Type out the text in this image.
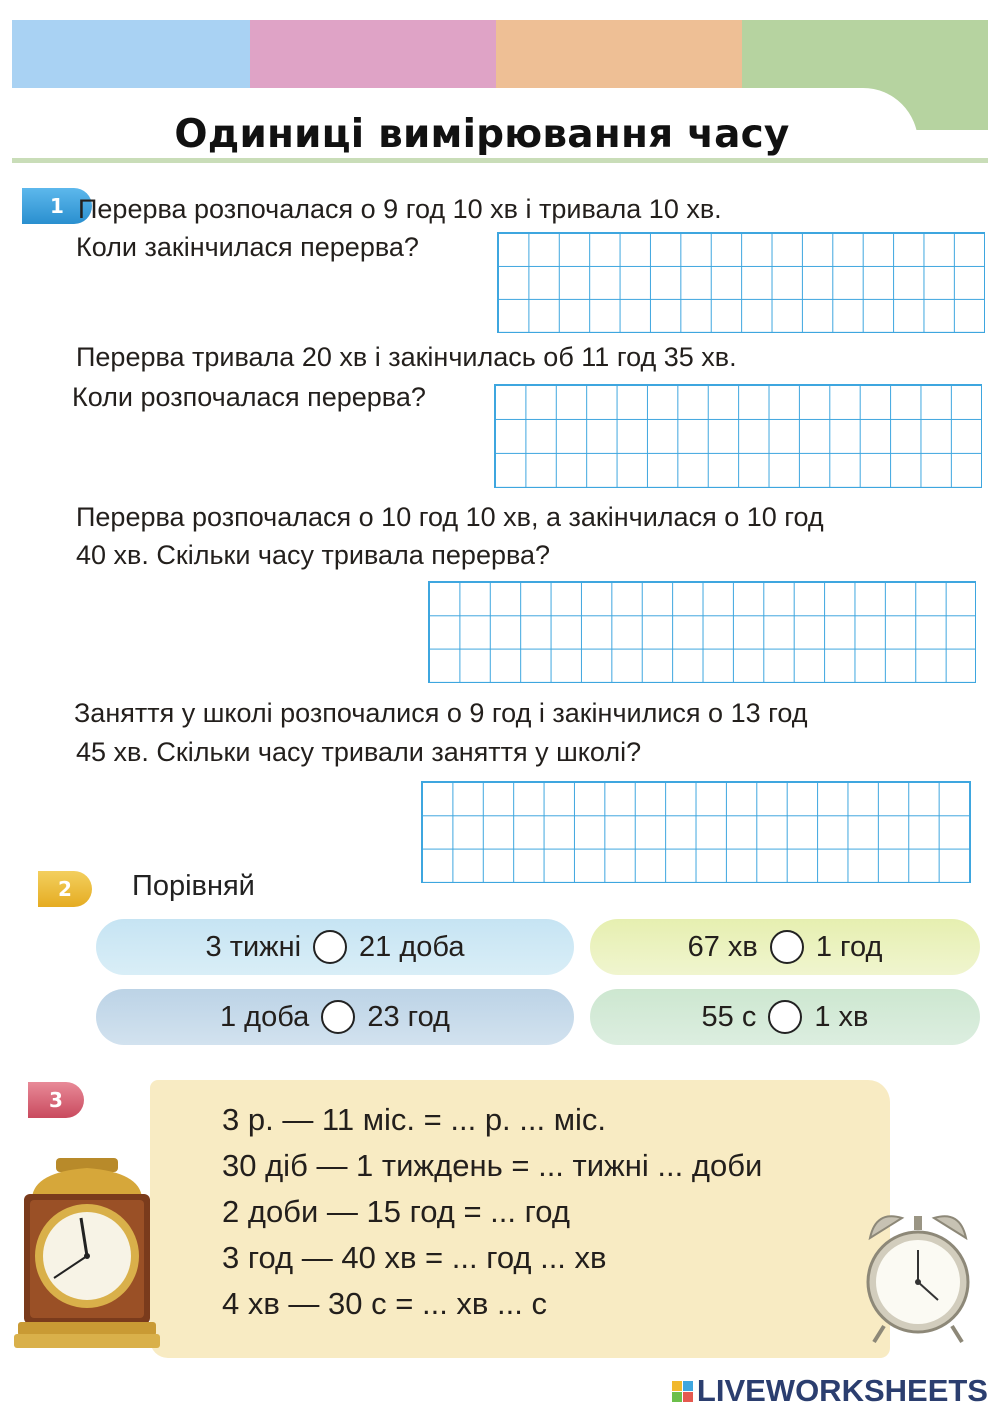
Одиниці вимірювання часу
1 Перерва розпочалася о 9 год 10 хв і тривала 10 хв.
Коли закінчилася перерва?
Перерва тривала 20 хв і закінчилась об 11 год 35 хв.
Коли розпочалася перерва?
Перерва розпочалася о 10 год 10 хв, а закінчилася о 10 год
40 хв. Скільки часу тривала перерва?
Заняття у школі розпочалися о 9 год і закінчилися о 13 год
45 хв. Скільки часу тривали заняття у школі?
2	Порівняй
3 тижні 21 доба	67 хв 1 год
1 доба 23 год	55 с 1 хв
3
3 р. — 11 міс. = ... р. ... міс.
30 діб — 1 тиждень = ... тижні ... доби
2 доби — 15 год = ... год
3 год — 40 хв = ... год ... хв
4 хв — 30 с = ... хв ... с
LIVEWORKSHEETS
